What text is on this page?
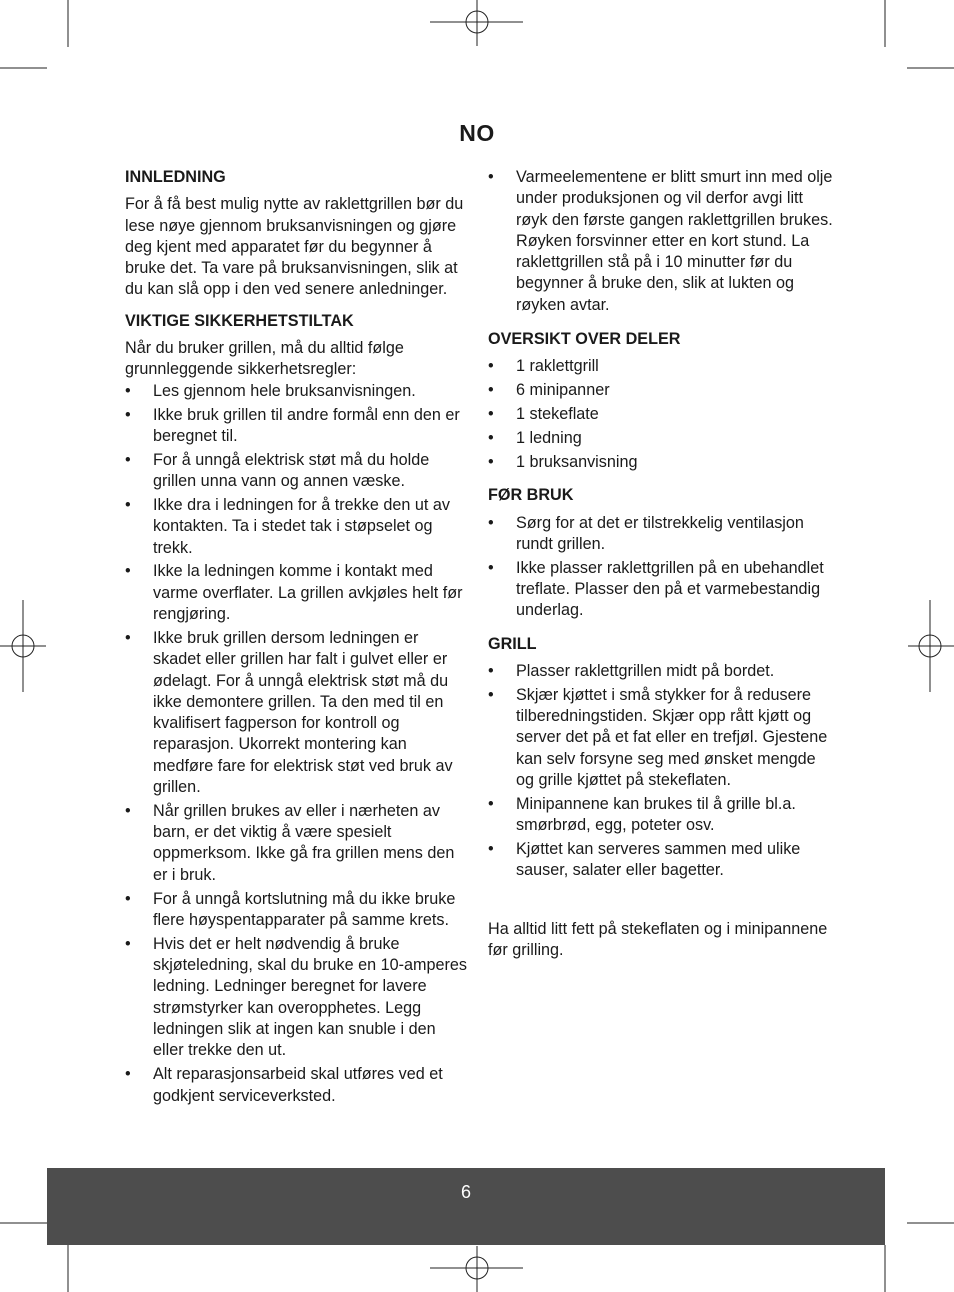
NO
INNLEDNING

For å få best mulig nytte av raklettgrillen bør du lese nøye gjennom bruksanvisningen og gjøre deg kjent med apparatet før du begynner å bruke det. Ta vare på bruksanvisningen, slik at du kan slå opp i den ved senere anledninger.

VIKTIGE SIKKERHETSTILTAK

Når du bruker grillen, må du alltid følge grunnleggende sikkerhetsregler:

• Les gjennom hele bruksanvisningen.
• Ikke bruk grillen til andre formål enn den er beregnet til.
• For å unngå elektrisk støt må du holde grillen unna vann og annen væske.
• Ikke dra i ledningen for å trekke den ut av kontakten. Ta i stedet tak i støpselet og trekk.
• Ikke la ledningen komme i kontakt med varme overflater. La grillen avkjøles helt før rengjøring.
• Ikke bruk grillen dersom ledningen er skadet eller grillen har falt i gulvet eller er ødelagt. For å unngå elektrisk støt må du ikke demontere grillen. Ta den med til en kvalifisert fagperson for kontroll og reparasjon. Ukorrekt montering kan medføre fare for elektrisk støt ved bruk av grillen.
• Når grillen brukes av eller i nærheten av barn, er det viktig å være spesielt oppmerksom. Ikke gå fra grillen mens den er i bruk.
• For å unngå kortslutning må du ikke bruke flere høyspentapparater på samme krets.
• Hvis det er helt nødvendig å bruke skjøteledning, skal du bruke en 10-amperes ledning. Ledninger beregnet for lavere strømstyrker kan overopphetes. Legg ledningen slik at ingen kan snuble i den eller trekke den ut.
• Alt reparasjonsarbeid skal utføres ved et godkjent serviceverksted.
• Varmeelementene er blitt smurt inn med olje under produksjonen og vil derfor avgi litt røyk den første gangen raklettgrillen brukes. Røyken forsvinner etter en kort stund. La raklettgrillen stå på i 10 minutter før du begynner å bruke den, slik at lukten og røyken avtar.
OVERSIKT OVER DELER
• 1 raklettgrill
• 6 minipanner
• 1 stekeflate
• 1 ledning
• 1 bruksanvisning
FØR BRUK
• Sørg for at det er tilstrekkelig ventilasjon rundt grillen.
• Ikke plasser raklettgrillen på en ubehandlet treflate. Plasser den på et varmebestandig underlag.
GRILL
• Plasser raklettgrillen midt på bordet.
• Skjær kjøttet i små stykker for å redusere tilberedningstiden. Skjær opp rått kjøtt og server det på et fat eller en trefjøl. Gjestene kan selv forsyne seg med ønsket mengde og grille kjøttet på stekeflaten.
• Minipannene kan brukes til å grille bl.a. smørbrød, egg, poteter osv.
• Kjøttet kan serveres sammen med ulike sauser, salater eller bagetter.

Ha alltid litt fett på stekeflaten og i minipannene før grilling.

6
